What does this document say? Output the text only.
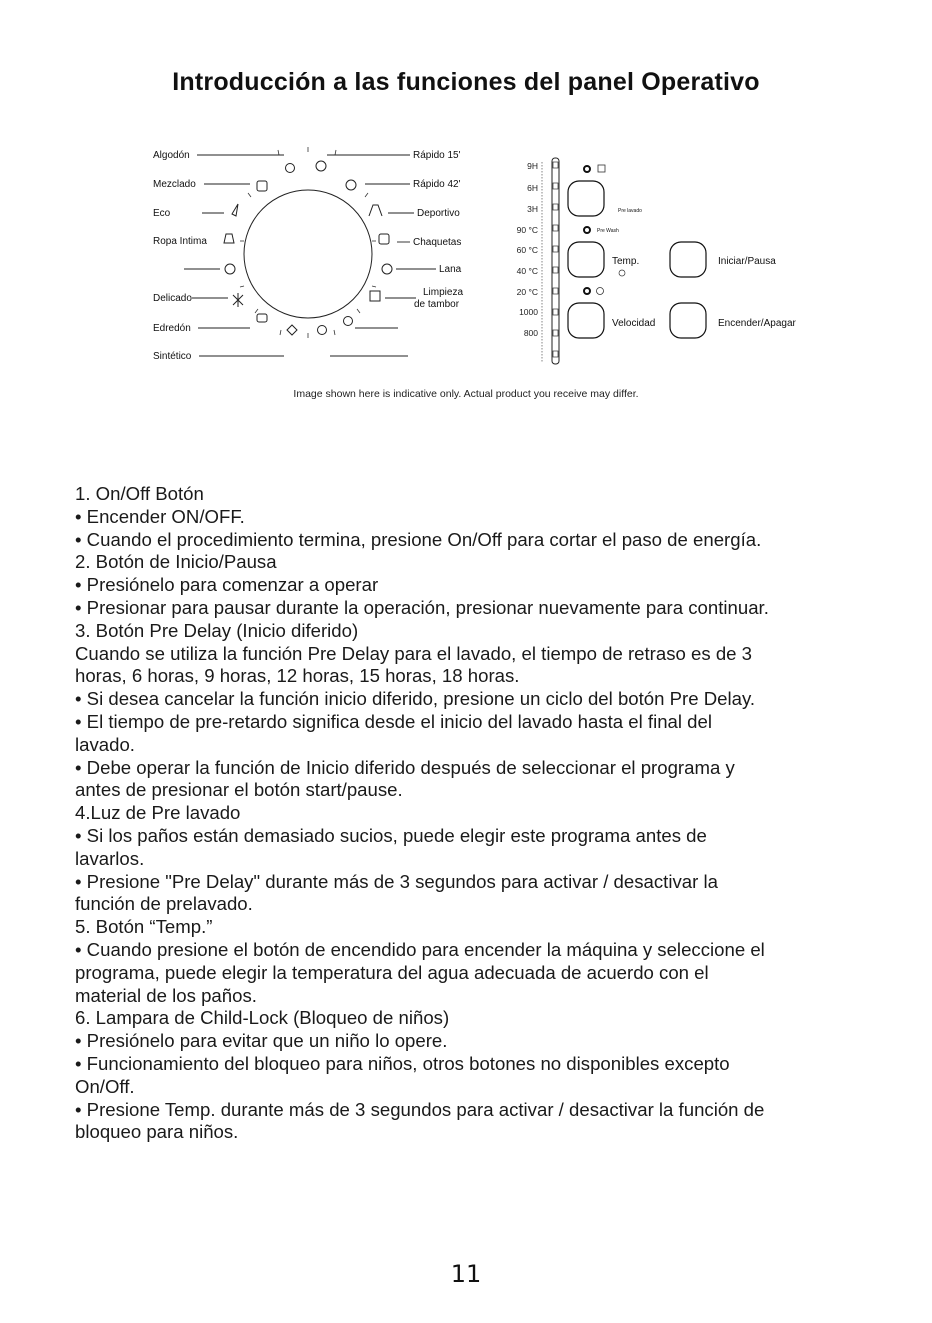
Introducción a las funciones del panel Operativo
Algodón
Mezclado
Eco
Ropa Intima
Delicado
Edredón
Sintético
Rápido 15'
Rápido 42'
Deportivo
Chaquetas
Lana
Limpieza
de tambor
9H
6H
3H
90 °C
60 °C
40 °C
20 °C
1000
800
Pre lavado
Pre Wash
Temp.
Velocidad
Iniciar/Pausa
Encender/Apagar
Image shown here is indicative only. Actual product you receive may differ.

1. On/Off Botón

• Encender ON/OFF.

• Cuando el procedimiento termina, presione On/Off para cortar el paso de energía.

2. Botón de Inicio/Pausa

• Presiónelo para comenzar a operar

• Presionar para pausar durante la operación, presionar nuevamente para continuar.

3. Botón Pre Delay (Inicio diferido)

Cuando se utiliza la función Pre Delay para el lavado, el tiempo de retraso es de 3

horas, 6 horas, 9 horas, 12 horas, 15 horas, 18 horas.

• Si desea cancelar la función inicio diferido, presione un ciclo del botón Pre Delay.

• El tiempo de pre-retardo significa desde el inicio del lavado hasta el final del

lavado.

• Debe operar la función de Inicio diferido después de seleccionar el programa y

antes de presionar el botón start/pause.

4.Luz de Pre lavado

• Si los paños están demasiado sucios, puede elegir este programa antes de

lavarlos.

• Presione "Pre Delay" durante más de 3 segundos para activar / desactivar la

función de prelavado.

5. Botón “Temp.”

• Cuando presione el botón de encendido para encender la máquina y seleccione el

programa, puede elegir la temperatura del agua adecuada de acuerdo con el

material de los paños.

6. Lampara de Child-Lock (Bloqueo de niños)

• Presiónelo para evitar que un niño lo opere.

• Funcionamiento del bloqueo para niños, otros botones no disponibles excepto

On/Off.

• Presione Temp. durante más de 3 segundos para activar / desactivar la función de

bloqueo para niños.

11
